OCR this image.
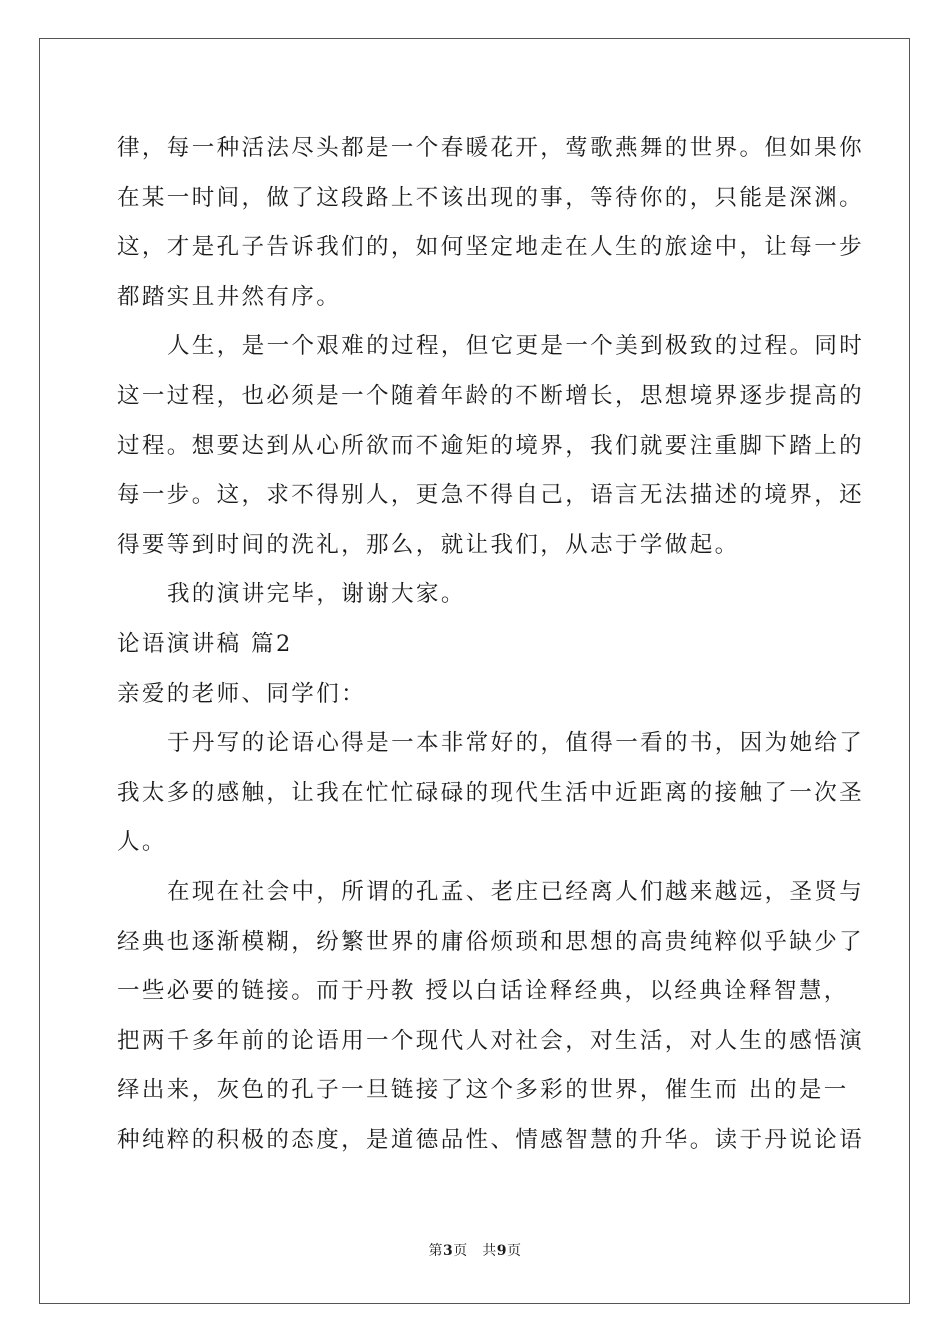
律，每一种活法尽头都是一个春暖花开，莺歌燕舞的世界。但如果你
在某一时间，做了这段路上不该出现的事，等待你的，只能是深渊。
这，才是孔子告诉我们的，如何坚定地走在人生的旅途中，让每一步
都踏实且井然有序。
人生，是一个艰难的过程，但它更是一个美到极致的过程。同时
这一过程，也必须是一个随着年龄的不断增长，思想境界逐步提高的
过程。想要达到从心所欲而不逾矩的境界，我们就要注重脚下踏上的
每一步。这，求不得别人，更急不得自己，语言无法描述的境界，还
得要等到时间的洗礼，那么，就让我们，从志于学做起。
我的演讲完毕，谢谢大家。
论语演讲稿 篇2
亲爱的老师、同学们：
于丹写的论语心得是一本非常好的，值得一看的书，因为她给了
我太多的感触，让我在忙忙碌碌的现代生活中近距离的接触了一次圣
人。
在现在社会中，所谓的孔孟、老庄已经离人们越来越远，圣贤与
经典也逐渐模糊，纷繁世界的庸俗烦琐和思想的高贵纯粹似乎缺少了
一些必要的链接。而于丹教 授以白话诠释经典，以经典诠释智慧，
把两千多年前的论语用一个现代人对社会，对生活，对人生的感悟演
绎出来，灰色的孔子一旦链接了这个多彩的世界，催生而 出的是一
种纯粹的积极的态度，是道德品性、情感智慧的升华。读于丹说论语
第3页　共9页
